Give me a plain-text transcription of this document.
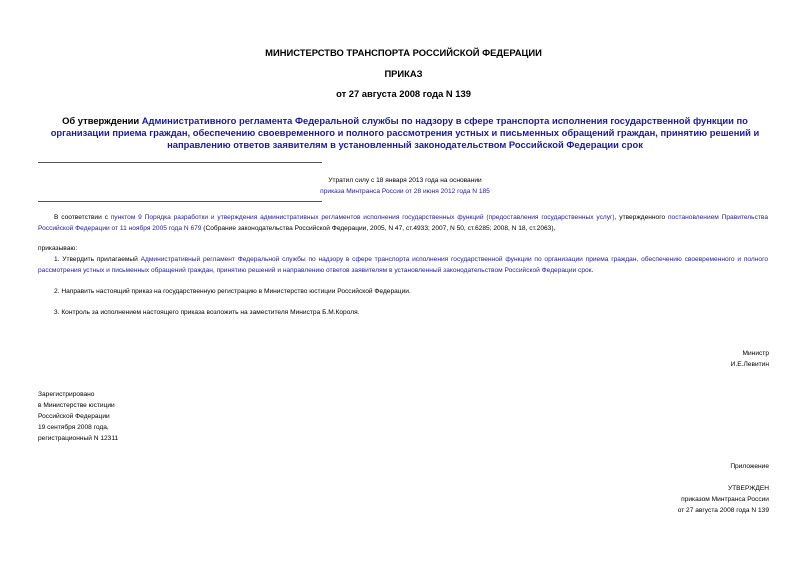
МИНИСТЕРСТВО ТРАНСПОРТА РОССИЙСКОЙ ФЕДЕРАЦИИ
ПРИКАЗ
от 27 августа 2008 года N 139
Об утверждении Административного регламента Федеральной службы по надзору в сфере транспорта исполнения государственной функции по организации приема граждан, обеспечению своевременного и полного рассмотрения устных и письменных обращений граждан, принятию решений и направлению ответов заявителям в установленный законодательством Российской Федерации срок
Утратил силу с 18 января 2013 года на основании
приказа Минтранса России от 28 июня 2012 года N 185
В соответствии с пунктом 9 Порядка разработки и утверждения административных регламентов исполнения государственных функций (предоставления государственных услуг), утвержденного постановлением Правительства Российской Федерации от 11 ноября 2005 года N 679 (Собрание законодательства Российской Федерации, 2005, N 47, ст.4933; 2007, N 50, ст.6285; 2008, N 18, ст.2063),
приказываю:
1. Утвердить прилагаемый Административный регламент Федеральной службы по надзору в сфере транспорта исполнения государственной функции по организации приема граждан, обеспечению своевременного и полного рассмотрения устных и письменных обращений граждан, принятию решений и направлению ответов заявителям в установленный законодательством Российской Федерации срок.
2. Направить настоящий приказ на государственную регистрацию в Министерство юстиции Российской Федерации.
3. Контроль за исполнением настоящего приказа возложить на заместителя Министра Б.М.Короля.
Министр
И.Е.Левитин
Зарегистрировано
в Министерстве юстиции
Российской Федерации
19 сентября 2008 года,
регистрационный N 12311
Приложение
УТВЕРЖДЕН
приказом Минтранса России
от 27 августа 2008 года N 139
